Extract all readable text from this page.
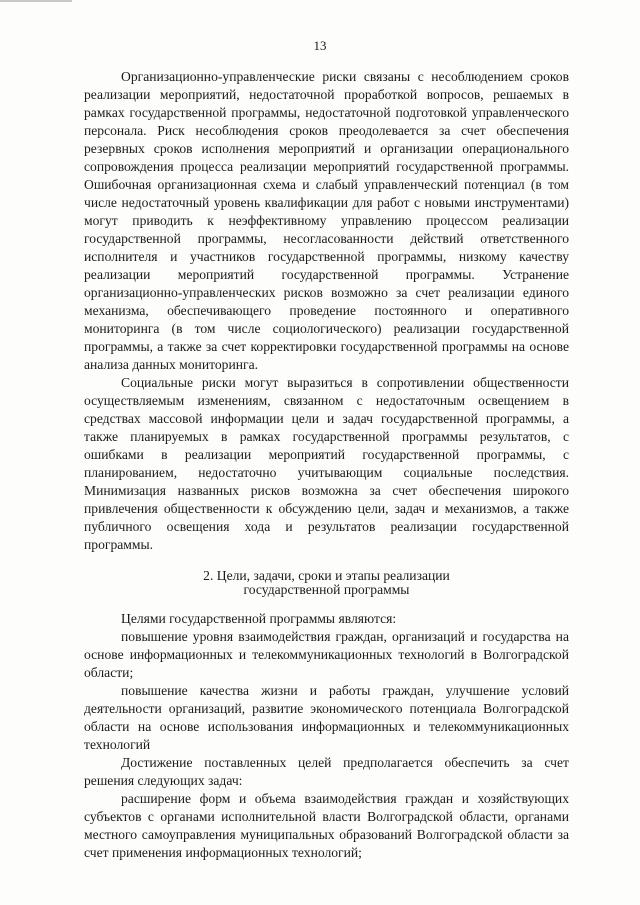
13

Организационно-управленческие риски связаны с несоблюдением сроков реализации мероприятий, недостаточной проработкой вопросов, решаемых в рамках государственной программы, недостаточной подготовкой управленческого персонала. Риск несоблюдения сроков преодолевается за счет обеспечения резервных сроков исполнения мероприятий и организации операционального сопровождения процесса реализации мероприятий государственной программы. Ошибочная организационная схема и слабый управленческий потенциал (в том числе недостаточный уровень квалификации для работ с новыми инструментами) могут приводить к неэффективному управлению процессом реализации государственной программы, несогласованности действий ответственного исполнителя и участников государственной программы, низкому качеству реализации мероприятий государственной программы. Устранение организационно-управленческих рисков возможно за счет реализации единого механизма, обеспечивающего проведение постоянного и оперативного мониторинга (в том числе социологического) реализации государственной программы, а также за счет корректировки государственной программы на основе анализа данных мониторинга.

Социальные риски могут выразиться в сопротивлении общественности осуществляемым изменениям, связанном с недостаточным освещением в средствах массовой информации цели и задач государственной программы, а также планируемых в рамках государственной программы результатов, с ошибками в реализации мероприятий государственной программы, с планированием, недостаточно учитывающим социальные последствия. Минимизация названных рисков возможна за счет обеспечения широкого привлечения общественности к обсуждению цели, задач и механизмов, а также публичного освещения хода и результатов реализации государственной программы.

2. Цели, задачи, сроки и этапы реализации
государственной программы

Целями государственной программы являются:

повышение уровня взаимодействия граждан, организаций и государства на основе информационных и телекоммуникационных технологий в Волгоградской области;

повышение качества жизни и работы граждан, улучшение условий деятельности организаций, развитие экономического потенциала Волгоградской области на основе использования информационных и телекоммуникационных технологий

Достижение поставленных целей предполагается обеспечить за счет решения следующих задач:

расширение форм и объема взаимодействия граждан и хозяйствующих субъектов с органами исполнительной власти Волгоградской области, органами местного самоуправления муниципальных образований Волгоградской области за счет применения информационных технологий;
